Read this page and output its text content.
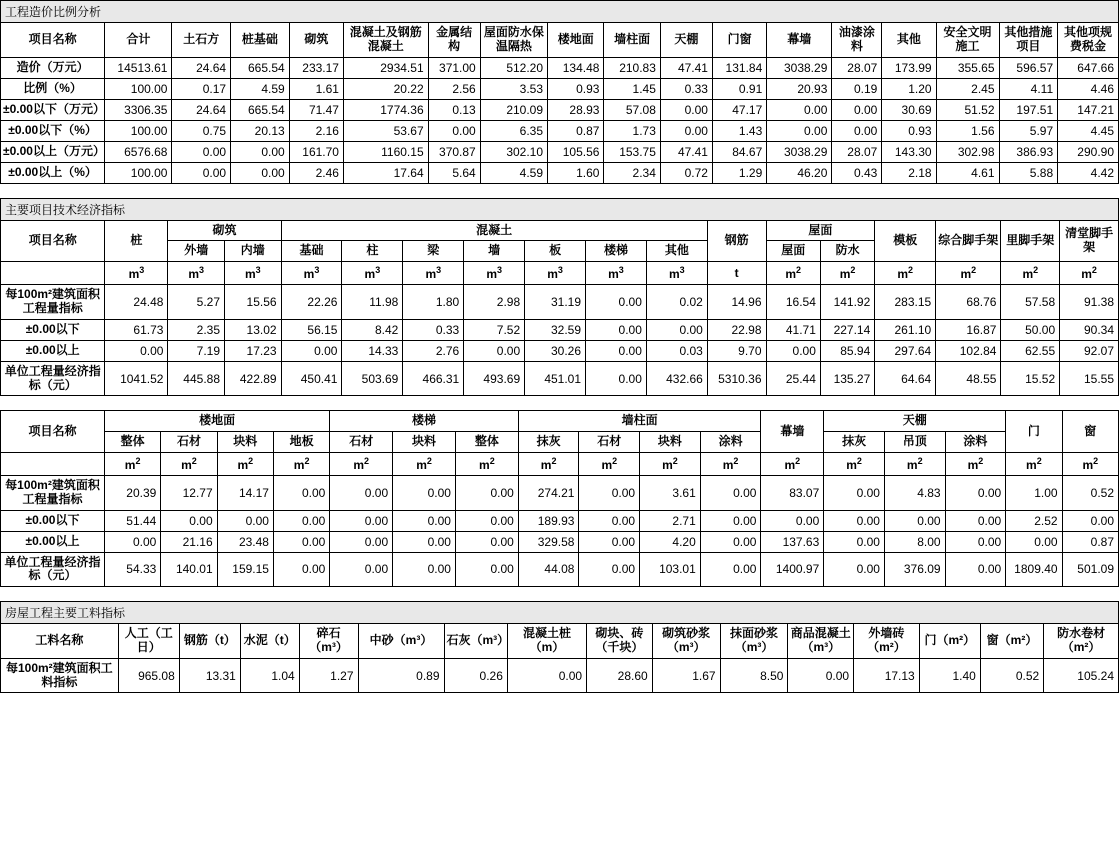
工程造价比例分析
项目名称	合计	土石方	桩基础	砌筑	混凝土及钢筋混凝土	金属结构	屋面防水保温隔热	楼地面	墙柱面	天棚	门窗	幕墙	油漆涂料	其他	安全文明施工	其他措施项目	其他项规费税金
造价（万元）	14513.61	24.64	665.54	233.17	2934.51	371.00	512.20	134.48	210.83	47.41	131.84	3038.29	28.07	173.99	355.65	596.57	647.66
比例（%）	100.00	0.17	4.59	1.61	20.22	2.56	3.53	0.93	1.45	0.33	0.91	20.93	0.19	1.20	2.45	4.11	4.46
±0.00以下（万元）	3306.35	24.64	665.54	71.47	1774.36	0.13	210.09	28.93	57.08	0.00	47.17	0.00	0.00	30.69	51.52	197.51	147.21
±0.00以下（%）	100.00	0.75	20.13	2.16	53.67	0.00	6.35	0.87	1.73	0.00	1.43	0.00	0.00	0.93	1.56	5.97	4.45
±0.00以上（万元）	6576.68	0.00	0.00	161.70	1160.15	370.87	302.10	105.56	153.75	47.41	84.67	3038.29	28.07	143.30	302.98	386.93	290.90
±0.00以上（%）	100.00	0.00	0.00	2.46	17.64	5.64	4.59	1.60	2.34	0.72	1.29	46.20	0.43	2.18	4.61	5.88	4.42
主要项目技术经济指标
项目名称	桩	砌筑		混凝土							钢筋	屋面		模板	综合脚手架	里脚手架	清堂脚手架
		外墙	内墙	基础	柱	梁	墙	板	楼梯	其他		屋面	防水				
	$m^3$	$m^3$	$m^3$	$m^3$	$m^3$	$m^3$	$m^3$	$m^3$	$m^3$	$m^3$	t	$m^2$	$m^2$	$m^2$	$m^2$	$m^2$	$m^2$
每100m²建筑面积工程量指标	24.48	5.27	15.56	22.26	11.98	1.80	2.98	31.19	0.00	0.02	14.96	16.54	141.92	283.15	68.76	57.58	91.38
±0.00以下	61.73	2.35	13.02	56.15	8.42	0.33	7.52	32.59	0.00	0.00	22.98	41.71	227.14	261.10	16.87	50.00	90.34
±0.00以上	0.00	7.19	17.23	0.00	14.33	2.76	0.00	30.26	0.00	0.03	9.70	0.00	85.94	297.64	102.84	62.55	92.07
单位工程量经济指标（元）	1041.52	445.88	422.89	450.41	503.69	466.31	493.69	451.01	0.00	432.66	5310.36	25.44	135.27	64.64	48.55	15.52	15.55
项目名称	楼地面				楼梯			墙柱面				幕墙	天棚			门	窗
	整体	石材	块料	地板	石材	块料	整体	抹灰	石材	块料	涂料		抹灰	吊顶	涂料		
	$m^2$	$m^2$	$m^2$	$m^2$	$m^2$	$m^2$	$m^2$	$m^2$	$m^2$	$m^2$	$m^2$	$m^2$	$m^2$	$m^2$	$m^2$	$m^2$	$m^2$
每100m²建筑面积工程量指标	20.39	12.77	14.17	0.00	0.00	0.00	0.00	274.21	0.00	3.61	0.00	83.07	0.00	4.83	0.00	1.00	0.52
±0.00以下	51.44	0.00	0.00	0.00	0.00	0.00	0.00	189.93	0.00	2.71	0.00	0.00	0.00	0.00	0.00	2.52	0.00
±0.00以上	0.00	21.16	23.48	0.00	0.00	0.00	0.00	329.58	0.00	4.20	0.00	137.63	0.00	8.00	0.00	0.00	0.87
单位工程量经济指标（元）	54.33	140.01	159.15	0.00	0.00	0.00	0.00	44.08	0.00	103.01	0.00	1400.97	0.00	376.09	0.00	1809.40	501.09
房屋工程主要工料指标
工料名称	人工（工日）	钢筋（t）	水泥（t）	碎石（m³）	中砂（m³）	石灰（m³）	混凝土桩（m）	砌块、砖（千块）	砌筑砂浆（m³）	抹面砂浆（m³）	商品混凝土（m³）	外墙砖（m²）	门（m²）	窗（m²）	防水卷材（m²）
每100m²建筑面积工料指标	965.08	13.31	1.04	1.27	0.89	0.26	0.00	28.60	1.67	8.50	0.00	17.13	1.40	0.52	105.24
